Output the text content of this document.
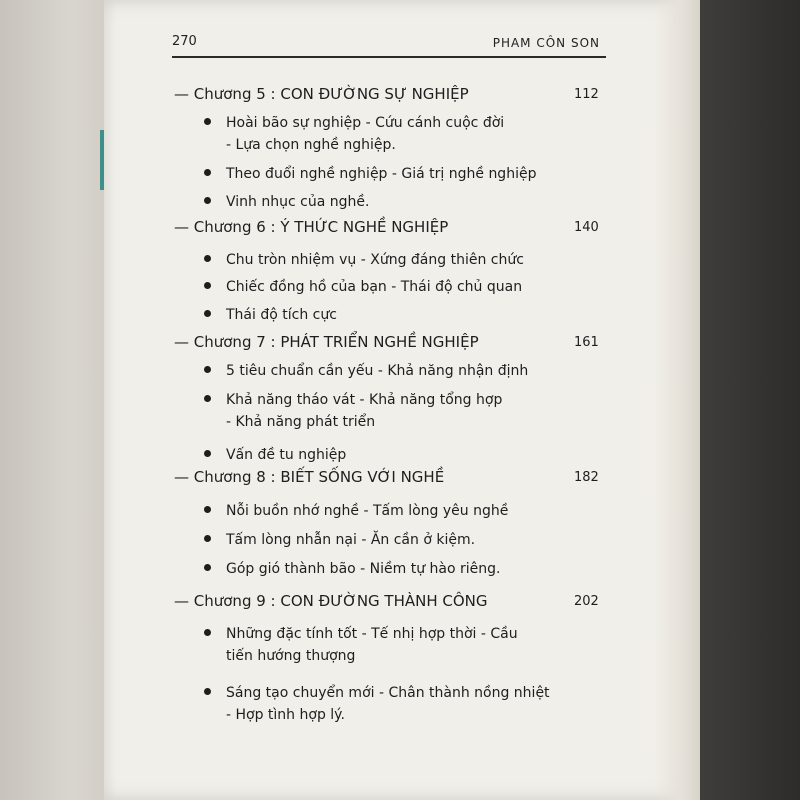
270	PHAM CÔN SON
— Chương 5 : CON ĐƯỜNG SỰ NGHIỆP	112
Hoài bão sự nghiệp - Cứu cánh cuộc đời
- Lựa chọn nghề nghiệp.
Theo đuổi nghề nghiệp - Giá trị nghề nghiệp
Vinh nhục của nghề.
— Chương 6 : Ý THỨC NGHỀ NGHIỆP	140
Chu tròn nhiệm vụ - Xứng đáng thiên chức
Chiếc đồng hồ của bạn - Thái độ chủ quan
Thái độ tích cực
— Chương 7 : PHÁT TRIỂN NGHỀ NGHIỆP	161
5 tiêu chuẩn cần yếu - Khả năng nhận định
Khả năng tháo vát - Khả năng tổng hợp
- Khả năng phát triển
Vấn đề tu nghiệp
— Chương 8 : BIẾT SỐNG VỚI NGHỀ	182
Nỗi buồn nhớ nghề - Tấm lòng yêu nghề
Tấm lòng nhẫn nại - Ăn cần ở kiệm.
Góp gió thành bão - Niềm tự hào riêng.
— Chương 9 : CON ĐƯỜNG THÀNH CÔNG	202
Những đặc tính tốt - Tế nhị hợp thời - Cầu
tiến hướng thượng
Sáng tạo chuyển mới - Chân thành nồng nhiệt
- Hợp tình hợp lý.
